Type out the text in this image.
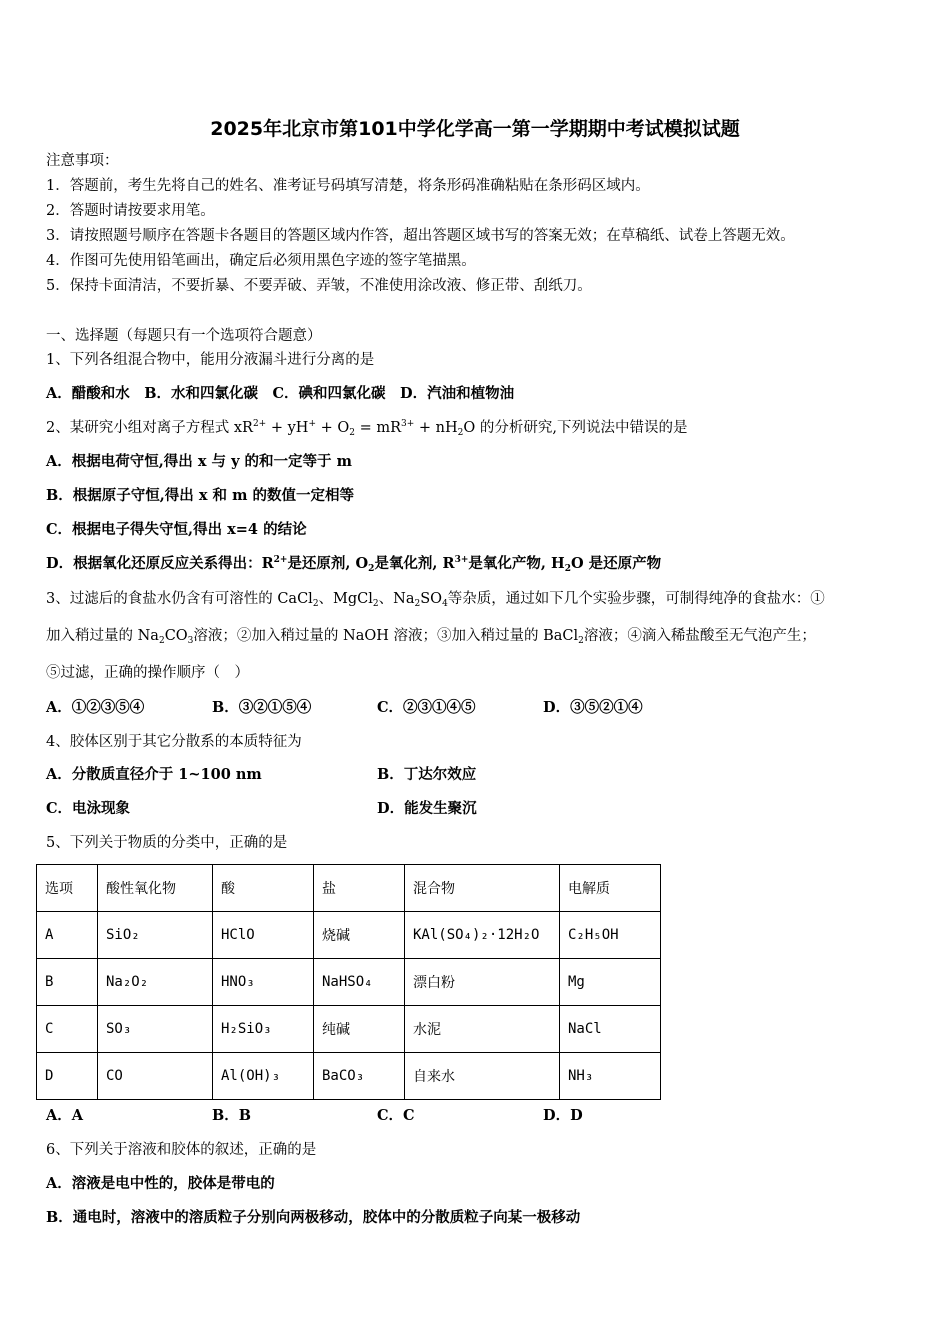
2025年北京市第101中学化学高一第一学期期中考试模拟试题
注意事项：
1．答题前，考生先将自己的姓名、准考证号码填写清楚，将条形码准确粘贴在条形码区域内。
2．答题时请按要求用笔。
3．请按照题号顺序在答题卡各题目的答题区域内作答，超出答题区域书写的答案无效；在草稿纸、试卷上答题无效。
4．作图可先使用铅笔画出，确定后必须用黑色字迹的签字笔描黑。
5．保持卡面清洁，不要折暴、不要弄破、弄皱，不准使用涂改液、修正带、刮纸刀。
一、选择题（每题只有一个选项符合题意）
1、下列各组混合物中，能用分液漏斗进行分离的是
A．醋酸和水　B．水和四氯化碳　C．碘和四氯化碳　D．汽油和植物油
2、某研究小组对离子方程式 $xR^{2+} + yH^+ + O_2 = mR^{3+} + nH_2O$ 的分析研究,下列说法中错误的是
A．根据电荷守恒,得出 x 与 y 的和一定等于 m
B．根据原子守恒,得出 x 和 m 的数值一定相等
C．根据电子得失守恒,得出 x=4 的结论
D．根据氧化还原反应关系得出：$R^{2+}$是还原剂, $O_2$是氧化剂, $R^{3+}$是氧化产物, $H_2O$ 是还原产物
3、过滤后的食盐水仍含有可溶性的 CaCl$_2$、MgCl$_2$、$Na_2SO_4$等杂质，通过如下几个实验步骤，可制得纯净的食盐水：①
加入稍过量的 $Na_2CO_3$溶液；②加入稍过量的 NaOH 溶液；③加入稍过量的 BaCl$_2$溶液；④滴入稀盐酸至无气泡产生；
⑤过滤，正确的操作顺序（　）
A．①②③⑤④	B．③②①⑤④	C．②③①④⑤	D．③⑤②①④
4、胶体区别于其它分散系的本质特征为
A．分散质直径介于 1~100 nm	B．丁达尔效应
C．电泳现象	D．能发生聚沉
5、下列关于物质的分类中，正确的是
选项	酸性氧化物	酸	盐	混合物	电解质
A	SiO₂	HClO	烧碱	KAl(SO₄)₂·12H₂O	C₂H₅OH
B	Na₂O₂	HNO₃	NaHSO₄	漂白粉	Mg
C	SO₃	H₂SiO₃	纯碱	水泥	NaCl
D	CO	Al(OH)₃	BaCO₃	自来水	NH₃
A．A	B．B	C．C	D．D
6、下列关于溶液和胶体的叙述，正确的是
A．溶液是电中性的，胶体是带电的
B．通电时，溶液中的溶质粒子分别向两极移动，胶体中的分散质粒子向某一极移动
